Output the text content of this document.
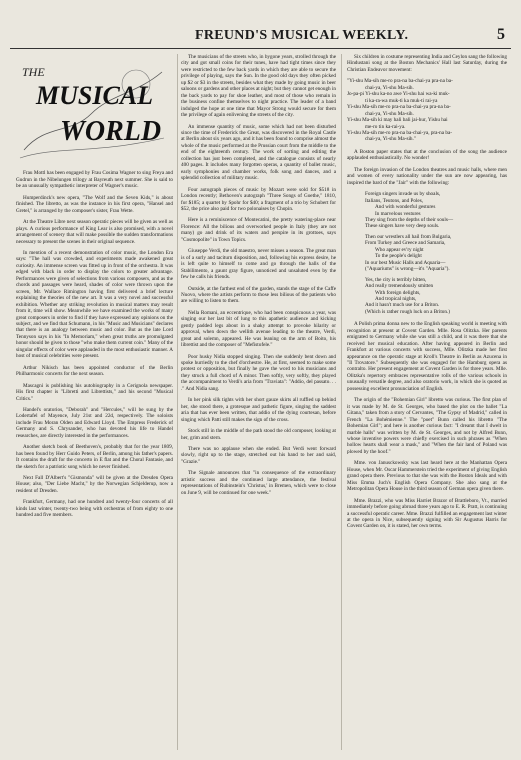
FREUND'S MUSICAL WEEKLY.	5
THE
MUSICAL
WORLD

Frau Mottl has been engaged by Frau Cosima Wagner to sing Freya and Gudrun in the Nibelungen trilogy at Bayreuth next summer. She is said to be an unusually sympathetic interpreter of Wagner's music.

Humperdinck's new opera, "The Wolf and the Seven Kids," is about finished. The libretto, as was the instance in his first opera, "Hansel and Gretel," is arranged by the composer's sister, Frau Wette.

At the Theatre Libre next season operatic pieces will be given as well as plays. A curious performance of King Lear is also promised, with a novel arrangement of scenery that will make possible the sudden transformations necessary to present the scenes in their original sequence.

In mention of a recent demonstration of color music, the London Era says: "The hall was crowded, and experiments made awakened great curiosity. An immense screen was fitted up in front of the orchestra. It was edged with black in order to display the colors to greater advantage. Performances were given of selections from various composers, and as the chords and passages were heard, shades of color were thrown upon the screen, Mr. Wallace Rimington having first delivered a brief lecture explaining the theories of the new art. It was a very novel and successful exhibition. Whether any striking revolution in musical matters may result from it, time will show. Meanwhile we have examined the works of many great composers in order to find if they have expressed any opinions on the subject, and we find that Schumann, in his "Music and Musicians" declares that there is an analogy between music and color. But as the late Lord Tennyson says in his "In Memoriam," when great truths are promulgated honor should be given to those "who make them current coin." Many of the singular effects of color were applauded in the most enthusiastic manner. A host of musical celebrities were present.

Arthur Nikisch has been appointed conductor of the Berlin Philharmonic concerts for the next season.

Mascagni is publishing his autobiography in a Cerignola newspaper. His first chapter is "Libretti and Librettists," and his second "Musical Critics."

Handel's oratorios, "Deborah" and "Hercules," will be sung by the Lodertafel of Mayence, July 21st and 22d, respectively. The soloists include Frau Moran Olden and Edward Lloyd. The Empress Frederick of Germany and S. Chrysander, who has devoted his life to Handel researches, are directly interested in the performances.

Another sketch book of Beethoven's, probably that for the year 1809, has been found by Herr Guido Peters, of Berlin, among his father's papers. It contains the draft for the concerto in E flat and the Choral Fantasie, and the sketch for a patriotic song which he never finished.

Next Fall D'Albert's "Gismonda" will be given at the Dresden Opera House; also, "Der Liebe Macht," by the Norwegian Schjelderup, now a resident of Dresden.

Frankfurt, Germany, had one hundred and twenty-four concerts of all kinds last winter, twenty-two being with orchestras of from eighty to one hundred and five members.

The musicians of the streets who, in bygone years, strolled through the city and got small coins for their tunes, have had tight times since they were restricted to the few back yards in which they are able to secure the privilege of playing, says the Sun. In the good old days they often picked up $2 or $3 in the streets, besides what they made by going music in beer saloons or gardens and other places at night; but they cannot get enough in the back yards to pay for shoe leather, and most of those who remain in the business confine themselves to night practice. The leader of a band indulged the hope at one time that Mayor Strong would secure for them the privilege of again enlivening the streets of the city.

An immense quantity of music, some which had not been disturbed since the time of Frederick the Great, was discovered in the Royal Castle at Berlin about six years ago, and it has been found to comprise almost the whole of the music performed at the Prussian court from the middle to the end of the eighteenth century. The work of sorting and editing the collection has just been completed, and the catalogue consists of nearly 400 pages. It includes many forgotten operas, a quantity of ballet music, early symphonies and chamber works, folk song and dances, and a splendid collection of military music.

Four autograph pieces of music by Mozart were sold for $518 in London recently; Bethoven's autograph "Three Songs of Goethe," 1810, for $185; a quartet by Spohr for $40; a fragment of a trio by Schubert for $52, the price also paid for two polonaises by Chopin.

Here is a reminiscence of Montecatini, the pretty watering-place near Florence: All the bilious and overworked people in Italy (they are not many) go and drink of its waters and perspire in its grottoes, says "Cosmopolite" in Town Topics.

Giuseppe Verdi, the old maestro, never misses a season. The great man is of a surly and taciturn disposition, and, following his express desire, he is left quite to himself to come and go through the halls of the Stabilimento, a gaunt gray figure, unnoticed and unsaluted even by the few he calls his friends.

Outside, at the farthest end of the garden, stands the stage of the Caffe Nuovo, where the artists perform to those less bilious of the patients who are willing to listen to them.

Nella Romani, an eccentrique, who had been conspicuous a year, was singing our her last bit of lung to this apathetic audience and kicking gently padded legs about in a shaky attempt to provoke hilarity or approval, when down the wellith avenue leading to the theatre, Verdi, great and solemn, appeared. He was leaning on the arm of Boito, his librettist and the composer of "Mefistofele."

Poor husky Nidia stopped singing. Then she suddenly bent down and spoke hurriedly to the chef d'orchestre. He, at first, seemed to make some protest or opposition, but finally he gave the word to his musicians and they struck a full chord of A minor. Then softly, very softly, they played the accompaniment to Verdi's aria from "Traviata": "Addio, del passato. . . ." And Nidia sang.

In her pink silk tights with her short gauze skirts all ruffled up behind her, she stood there, a grotesque and pathetic figure, singing the saddest aria that has ever been written, that addio of the dying courtesan, before singing which Patti still makes the sign of the cross.

Stock still in the middle of the path stood the old composer, looking at her, grim and stern.

There was no applause when she ended. But Verdi went forward slowly, right up to the stage, stretched out his hand to her and said, "Grazie."

The Signale announces that "in consequence of the extraordinary artistic success and the continued large attendance, the festival representations of Rubinstein's 'Christus,' in Bremen, which were to close on June 9, will be continued for one week."

Six children in costume representing India and Ceylon sang the following Hindustani song at the Boston Mechanics' Hall last Saturday, during the Christian Endeavor movement:

"Yi-shu Ma-sih me-ro pra-na ba-chai-ya pra-na ba-
chai-ya, Yi-shu Ma-sih.
Jo-pa-pi Yi-shu ka-no awe Yi-shu hai wa-ki muk-
ti ka-ra-wa muk-ti ka muk-ti rai-ya
Yi-shu Ma-sih me-ro pra-na ba-chai-ya pra-na ba-
chai-ya, Yi-shu Ma-sih.
Yi-shu Ma-sih ki may hali bali jai-hur, Yishu hai
me-ro tin ka-rai-ya.
Yi-shu Ma-sih me-ro pra-na ba-chai-ya, pra-na ba-
chai-ya, Yi-shu Ma-sih."

A Boston paper states that at the conclusion of the song the audience applauded enthusiastically. No wonder!

The foreign invasion of the London theatres and music halls, where men and women of every nationality under the sun are now appearing, has inspired the bard of the "Jair" with the following:

Foreign singers invade us by shoals,
Italians, Teutons, and Poles,
And with wonderful gestures
In marvelous vestures
They sing from the depths of their souls—
These singers have very deep souls.
Then our wrestlers all hail from Bulgaria,
From Turkey and Greece and Samaria,
Who appear ev'ry night
To the people's delight
In our best Music Halls and Aquaria—
("Aquariums" is wrong—it's "Aquaria").
Yes, the city is terribly bitten,
And really tremendously smitten
With foreign delights,
And tropical nights,
And it hasn't much use for a Briton.
(Which is rather rough luck on a Briton.)

A Polish prima donna new to the English speaking world is meeting with recognition at present at Covent Garden. Mlle. Rosa Olitzka. Her parents emigrated to Germany while she was still a child, and it was there that she received her musical education. After having appeared in Berlin and Frankfort at various concerts with success, Mlle. Olitzka made her first appearance on the operatic stage at Kroll's Theatre in Berlin as Azucena in "Il Trovatore." Subsequently she was engaged for the Hamburg opera as contralto. Her present engagement at Covent Garden is for three years. Mlle. Olitzka's repertory embraces representative rolls of the various schools in unusually versatile degree, and also oratorio work, in which she is quoted as possessing excellent pronunciation of English.

The origin of the "Bohemian Girl" libretto was curious. The first plan of it was made by M. de St. Georges, who based the plot on the ballet "La Gitana," taken from a story of Cervantes, "The Gypsy of Madrid," called in French "La Bohémienne." The "poet" Bunn called his libretto "The Bohemian Girl"; and here is another curious fact: "I dreamt that I dwelt in marble halls" was written by M. de St. Georges, and not by Alfred Bunn, whose inventive powers were chiefly exercised in such phrases as "When hollow hearts shall wear a mask," and "When the fair land of Poland was plowed by the hoof."

Mme. von Janusckowsky was last heard here at the Manhattan Opera House, when Mr. Oscar Hammerstein tried the experiment of giving English grand opera there. Previous to that she was with the Boston Ideals and with Miss Emma Juch's English Opera Company. She also sang at the Metropolitan Opera House in the third season of German opera given there.

Mme. Brazzi, who was Miss Harriet Brazor of Brattleboro, Vt., married immediately before going abroad three years ago to E. R. Pratt, is continuing a successful operatic career. Mme. Brazzi fulfilled an engagement last winter at the opera in Nice, subsequently signing with Sir Augustus Harris for Covent Garden on, it is stated, her own terms.
